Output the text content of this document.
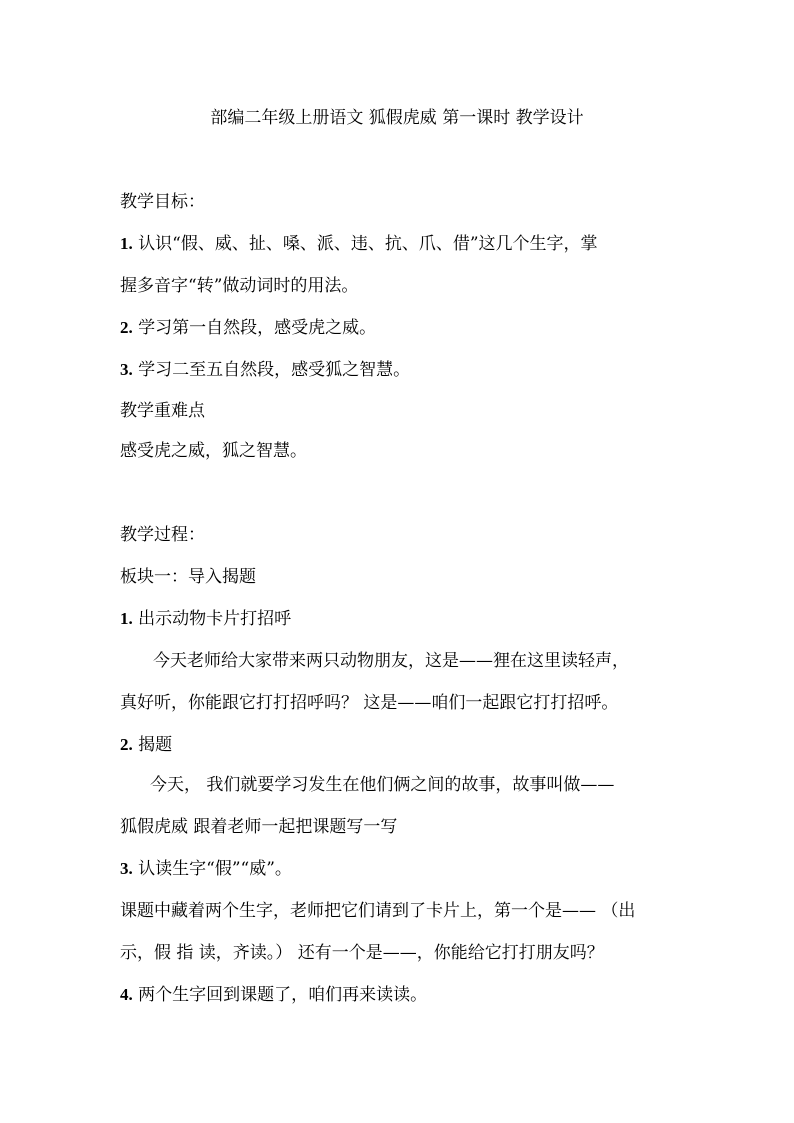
部编二年级上册语文 狐假虎威 第一课时 教学设计
教学目标：
1. 认识“假、威、扯、嗓、派、违、抗、爪、借”这几个生字，掌
握多音字“转”做动词时的用法。
2. 学习第一自然段，感受虎之威。
3. 学习二至五自然段，感受狐之智慧。
教学重难点
感受虎之威，狐之智慧。
教学过程：
板块一：导入揭题
1. 出示动物卡片打招呼
今天老师给大家带来两只动物朋友，这是——狸在这里读轻声，
真好听，你能跟它打打招呼吗？ 这是——咱们一起跟它打打招呼。
2. 揭题
今天， 我们就要学习发生在他们俩之间的故事，故事叫做——
狐假虎威 跟着老师一起把课题写一写
3. 认读生字“假”“威”。
课题中藏着两个生字，老师把它们请到了卡片上，第一个是—— （出
示，假 指 读，齐读。） 还有一个是——，你能给它打打朋友吗？
4. 两个生字回到课题了，咱们再来读读。
